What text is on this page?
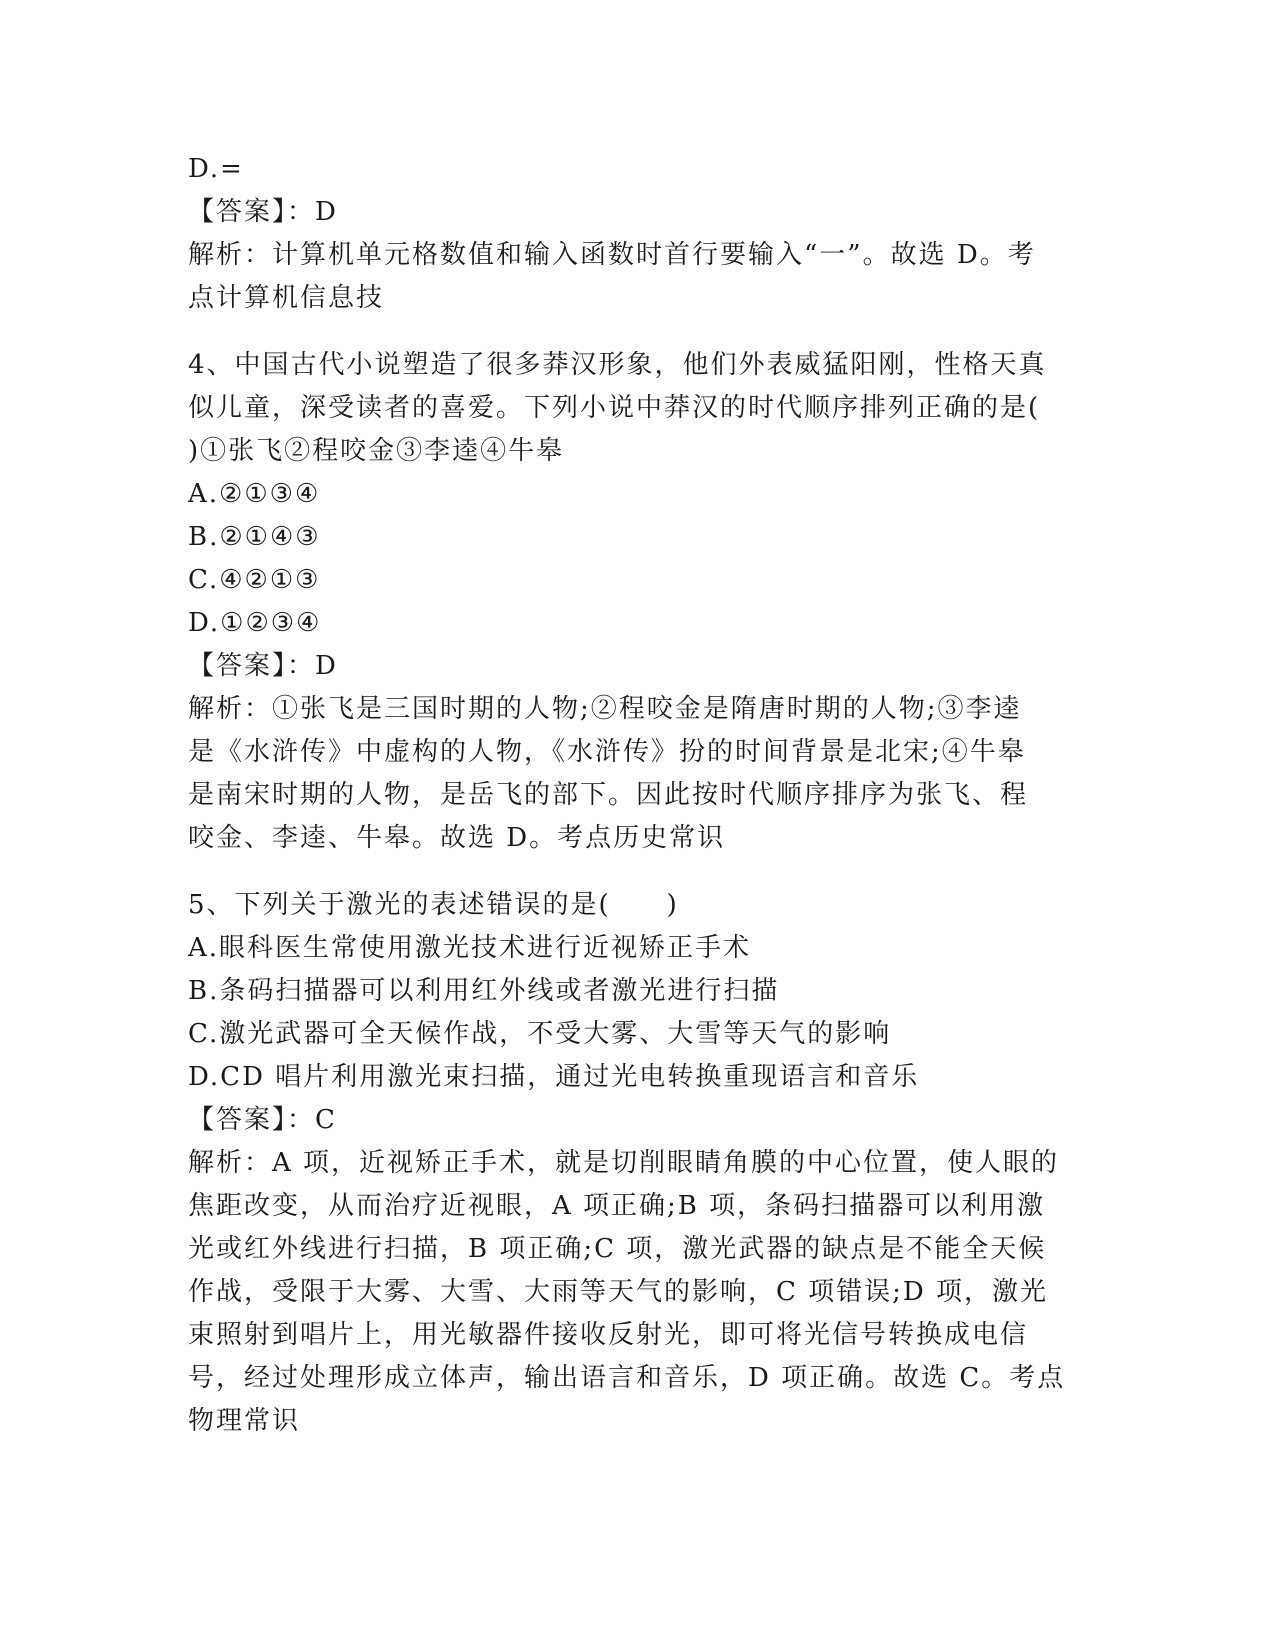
D.=
【答案】：D
解析：计算机单元格数值和输入函数时首行要输入“一”。故选 D。考
点计算机信息技
4、中国古代小说塑造了很多莽汉形象，他们外表威猛阳刚，性格天真
似儿童，深受读者的喜爱。下列小说中莽汉的时代顺序排列正确的是(
)①张飞②程咬金③李逵④牛皋
A.②①③④
B.②①④③
C.④②①③
D.①②③④
【答案】：D
解析：①张飞是三国时期的人物;②程咬金是隋唐时期的人物;③李逵
是《水浒传》中虚构的人物，《水浒传》扮的时间背景是北宋;④牛皋
是南宋时期的人物，是岳飞的部下。因此按时代顺序排序为张飞、程
咬金、李逵、牛皋。故选 D。考点历史常识
5、下列关于激光的表述错误的是(　　)
A.眼科医生常使用激光技术进行近视矫正手术
B.条码扫描器可以利用红外线或者激光进行扫描
C.激光武器可全天候作战，不受大雾、大雪等天气的影响
D.CD 唱片利用激光束扫描，通过光电转换重现语言和音乐
【答案】：C
解析：A 项，近视矫正手术，就是切削眼睛角膜的中心位置，使人眼的
焦距改变，从而治疗近视眼，A 项正确;B 项，条码扫描器可以利用激
光或红外线进行扫描，B 项正确;C 项，激光武器的缺点是不能全天候
作战，受限于大雾、大雪、大雨等天气的影响，C 项错误;D 项，激光
束照射到唱片上，用光敏器件接收反射光，即可将光信号转换成电信
号，经过处理形成立体声，输出语言和音乐，D 项正确。故选 C。考点
物理常识
